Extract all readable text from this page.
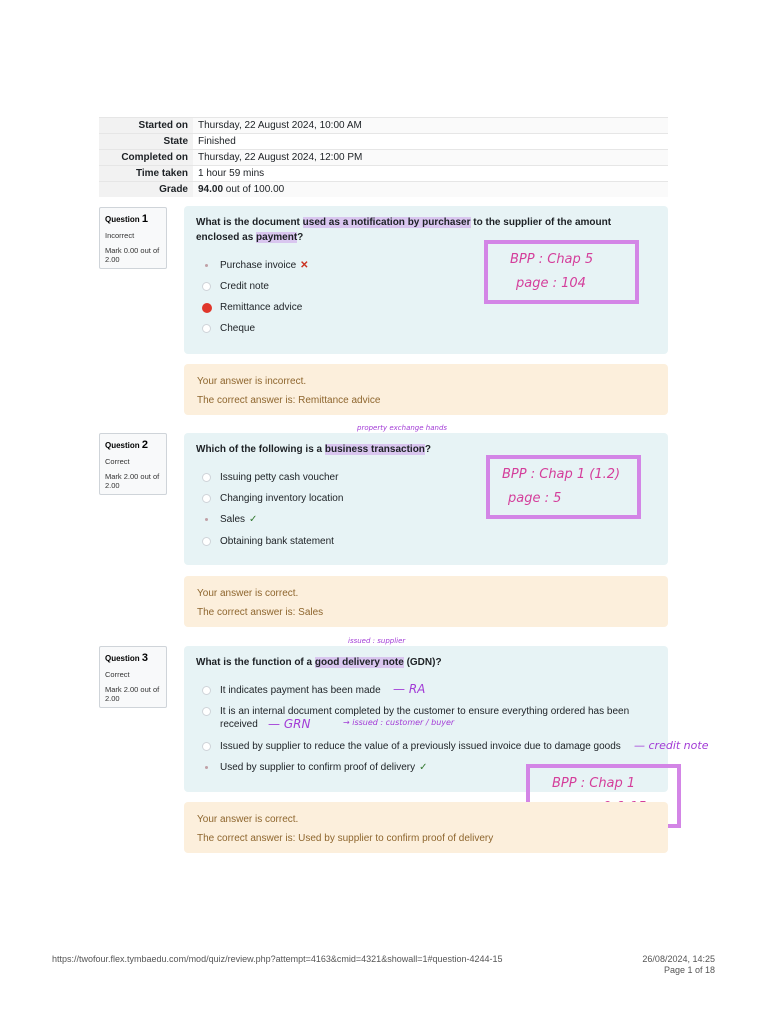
Started on	Thursday, 22 August 2024, 10:00 AM
State	Finished
Completed on	Thursday, 22 August 2024, 12:00 PM
Time taken	1 hour 59 mins
Grade	94.00 out of 100.00
Question 1
Incorrect
Mark 0.00 out of 2.00
What is the document used as a notification by purchaser to the supplier of the amount enclosed as payment?
Purchase invoice ✕
Credit note
Remittance advice
Cheque
BPP : Chap 5
page : 104
Your answer is incorrect.
The correct answer is: Remittance advice
Question 2
Correct
Mark 2.00 out of 2.00
property exchange hands
Which of the following is a business transaction?
Issuing petty cash voucher
Changing inventory location
Sales ✓
Obtaining bank statement
BPP : Chap 1 (1.2)
page : 5
Your answer is correct.
The correct answer is: Sales
Question 3
Correct
Mark 2.00 out of 2.00
issued : supplier
What is the function of a good delivery note (GDN)?
It indicates payment has been made
It is an internal document completed by the customer to ensure everything ordered has been received
Issued by supplier to reduce the value of a previously issued invoice due to damage goods
Used by supplier to confirm proof of delivery ✓
— RA
— GRN	→ issued : customer / buyer
— credit note
BPP : Chap 1
Your answer is correct.
The correct answer is: Used by supplier to confirm proof of delivery
https://twofour.flex.tymbaedu.com/mod/quiz/review.php?attempt=4163&cmid=4321&showall=1#question-4244-15	26/08/2024, 14:25
Page 1 of 18
